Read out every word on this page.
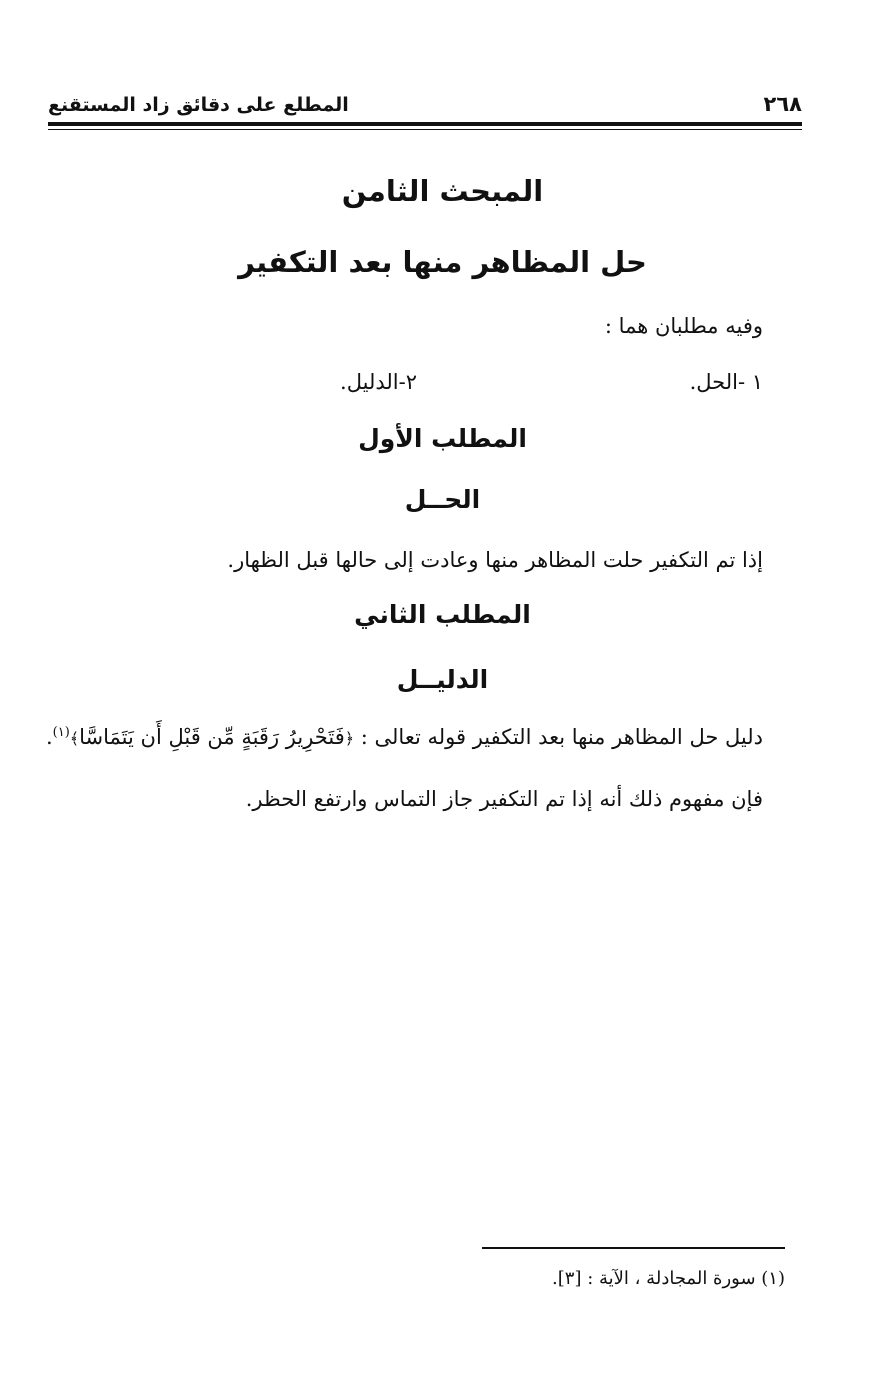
٢٦٨
المطلع على دقائق زاد المستقنع
المبحث الثامن
حل المظاهر منها بعد التكفير
وفيه مطلبان هما :
١ -الحل.
٢-الدليل.
المطلب الأول
الحــل
إذا تم التكفير حلت المظاهر منها وعادت إلى حالها قبل الظهار.
المطلب الثاني
الدليــل
دليل حل المظاهر منها بعد التكفير قوله تعالى : ﴿فَتَحْرِيرُ رَقَبَةٍ مِّن قَبْلِ أَن يَتَمَاسَّا﴾$^{(١)}$.
فإن مفهوم ذلك أنه إذا تم التكفير جاز التماس وارتفع الحظر.
(١) سورة المجادلة ، الآية : [٣].
